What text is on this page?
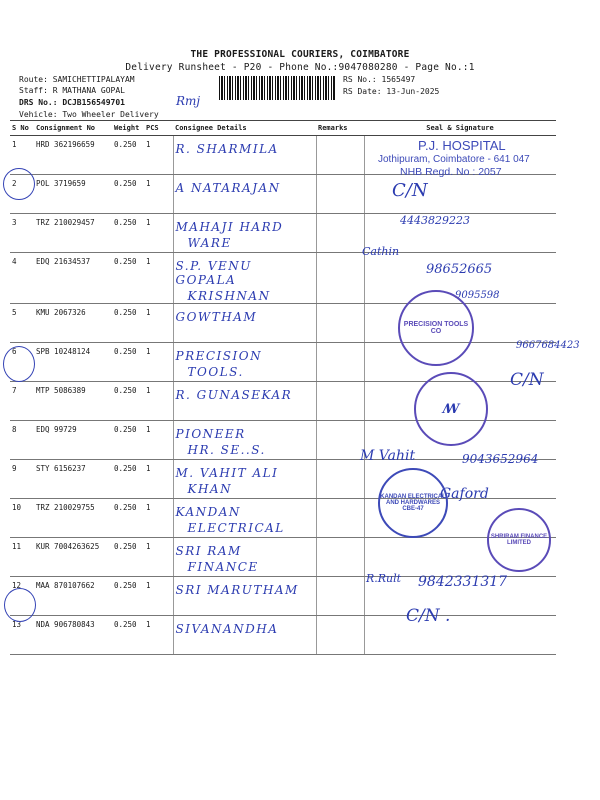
THE PROFESSIONAL COURIERS, COIMBATORE
Delivery Runsheet - P20 - Phone No.:9047080280 - Page No.:1
Route: SAMICHETTIPALAYAM
Staff: R MATHANA GOPAL
DRS No.: DCJB156549701
Vehicle: Two Wheeler Delivery
RS No.: 1565497
RS Date: 13-Jun-2025
S No	Consignment No	Weight	PCS	Consignee Details	Remarks	Seal & Signature
1	HRD 362196659	0.250	1	R. SHARMILA		

2	POL 3719659	0.250	1	A NATARAJAN		

3	TRZ 210029457	0.250	1	MAHAJI HARD
WARE		

4	EDQ 21634537	0.250	1	S.P. VENU GOPALA
KRISHNAN		

5	KMU 2067326	0.250	1	GOWTHAM		

6	SPB 10248124	0.250	1	PRECISION
TOOLS.		

7	MTP 5086389	0.250	1	R. GUNASEKAR		

8	EDQ 99729	0.250	1	PIONEER
HR. SE..S.		

9	STY 6156237	0.250	1	M. VAHIT ALI
KHAN		

10	TRZ 210029755	0.250	1	KANDAN
ELECTRICAL		

11	KUR 7004263625	0.250	1	SRI RAM
FINANCE		

12	MAA 870107662	0.250	1	SRI MARUTHAM		

13	NDA 906780843	0.250	1	SIVANANDHA		

Rmj
P.J. HOSPITAL
Jothipuram, Coimbatore - 641 047
NHB Regd. No : 2057
C/N
4443829223
Cathin
98652665
9095598
9667684423
C/N
M Vahit	9043652964
Gaford
R.Rult 9842331317
C/N .
PRECISION TOOLS CO
ꟿ
KANDAN ELECTRICAL AND HARDWARES CBE-47
SHRIRAM FINANCE LIMITED
